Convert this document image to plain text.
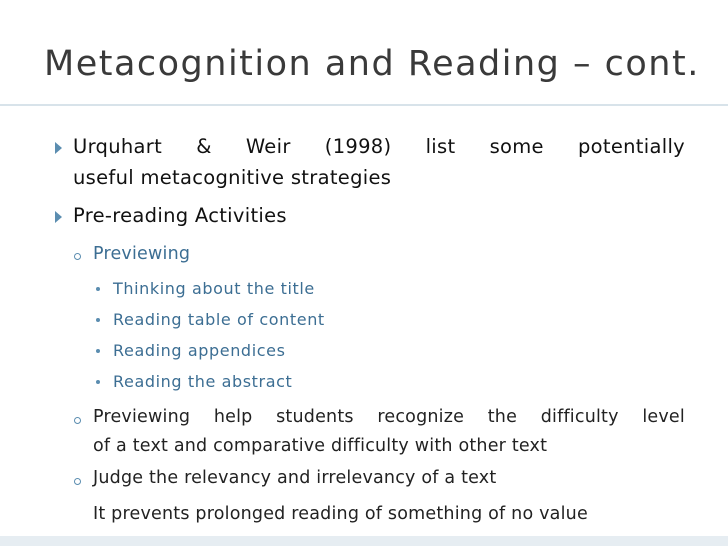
Metacognition and Reading – cont.
Urquhart & Weir (1998) list some potentially
useful metacognitive strategies
Pre-reading Activities
Previewing
Thinking about the title
Reading table of content
Reading appendices
Reading the abstract
Previewing help students recognize the difficulty level
of a text and comparative difficulty with other text
Judge the relevancy and irrelevancy of a text
It prevents prolonged reading of something of no value
